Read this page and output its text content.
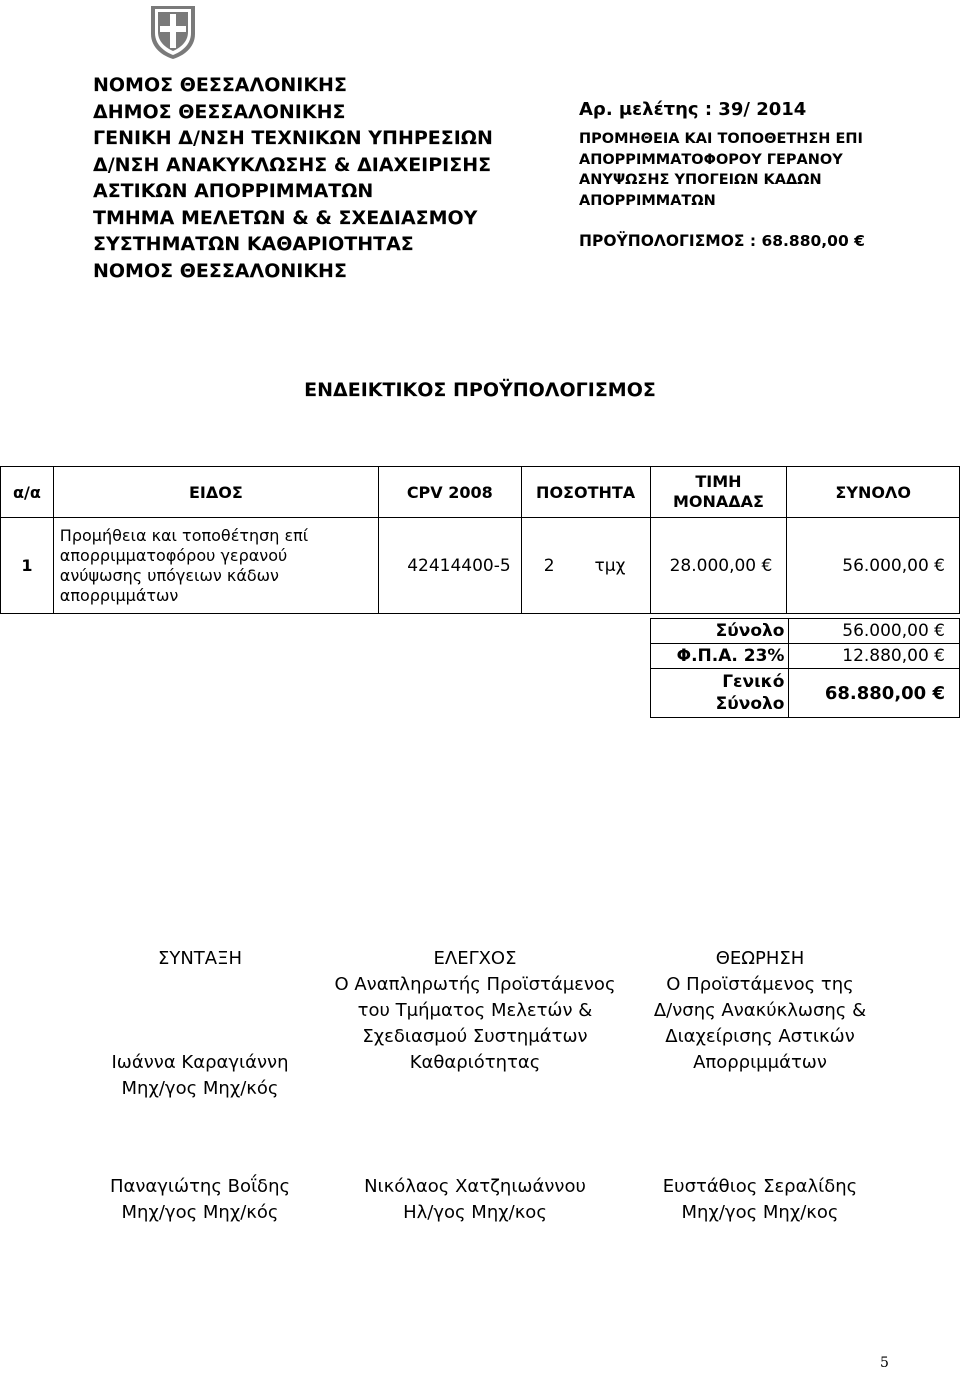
ΝΟΜΟΣ ΘΕΣΣΑΛΟΝΙΚΗΣ
ΔΗΜΟΣ ΘΕΣΣΑΛΟΝΙΚΗΣ
ΓΕΝΙΚΗ Δ/ΝΣΗ ΤΕΧΝΙΚΩΝ ΥΠΗΡΕΣΙΩΝ
Δ/ΝΣΗ ΑΝΑΚΥΚΛΩΣΗΣ & ΔΙΑΧΕΙΡΙΣΗΣ
ΑΣΤΙΚΩΝ ΑΠΟΡΡΙΜΜΑΤΩΝ
ΤΜΗΜΑ ΜΕΛΕΤΩΝ & & ΣΧΕΔΙΑΣΜΟΥ
ΣΥΣΤΗΜΑΤΩΝ ΚΑΘΑΡΙΟΤΗΤΑΣ
ΝΟΜΟΣ ΘΕΣΣΑΛΟΝΙΚΗΣ
Αρ. μελέτης : 39/ 2014
ΠΡΟΜΗΘΕΙΑ ΚΑΙ ΤΟΠΟΘΕΤΗΣΗ ΕΠΙ
ΑΠΟΡΡΙΜΜΑΤΟΦΟΡΟΥ ΓΕΡΑΝΟΥ
ΑΝΥΨΩΣΗΣ ΥΠΟΓΕΙΩΝ ΚΑΔΩΝ
ΑΠΟΡΡΙΜΜΑΤΩΝ
ΠΡΟΫΠΟΛΟΓΙΣΜΟΣ : 68.880,00 €
ΕΝΔΕΙΚΤΙΚΟΣ ΠΡΟΫΠΟΛΟΓΙΣΜΟΣ
α/α	ΕΙΔΟΣ	CPV 2008	ΠΟΣΟΤΗΤΑ	ΤΙΜΗ
ΜΟΝΑΔΑΣ	ΣΥΝΟΛΟ
1	Προμήθεια και τοποθέτηση επί
απορριμματοφόρου γερανού
ανύψωσης υπόγειων κάδων
απορριμμάτων	42414400-5	2 τμχ	28.000,00 €	56.000,00 €
Σύνολο	56.000,00 €
Φ.Π.Α. 23%	12.880,00 €

Γενικό
Σύνολο	68.880,00 €
ΣΥΝΤΑΞΗ
Ιωάννα Καραγιάννη
Μηχ/γος Μηχ/κός
ΕΛΕΓΧΟΣ
Ο Αναπληρωτής Προϊστάμενος
του Τμήματος Μελετών &
Σχεδιασμού Συστημάτων
Καθαριότητας
ΘΕΩΡΗΣΗ
Ο Προϊστάμενος της
Δ/νσης Ανακύκλωσης &
Διαχείρισης Αστικών
Απορριμμάτων
Παναγιώτης Βοΐδης
Μηχ/γος Μηχ/κός
Νικόλαος Χατζηιωάννου
Ηλ/γος Μηχ/κος
Ευστάθιος Σεραλίδης
Μηχ/γος Μηχ/κος
5
